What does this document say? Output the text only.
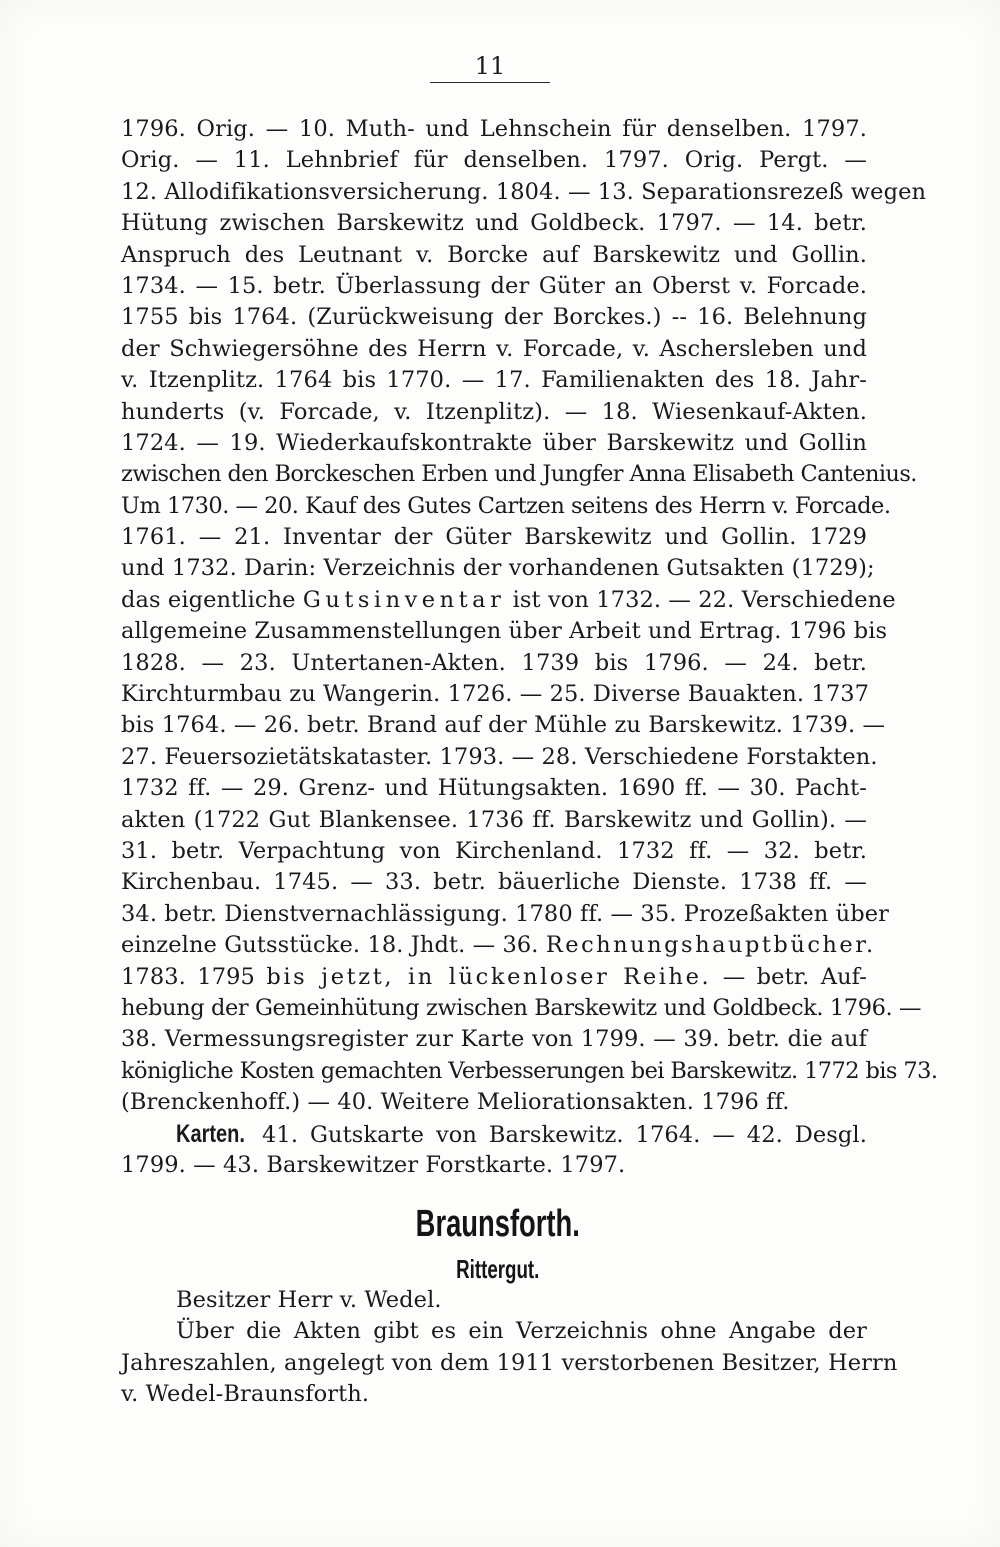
11
1796. Orig. — 10. Muth- und Lehnschein für denselben. 1797.
Orig. — 11. Lehnbrief für denselben. 1797. Orig. Pergt. —
12. Allodifikationsversicherung. 1804. — 13. Separationsrezeß wegen
Hütung zwischen Barskewitz und Goldbeck. 1797. — 14. betr.
Anspruch des Leutnant v. Borcke auf Barskewitz und Gollin.
1734. — 15. betr. Überlassung der Güter an Oberst v. Forcade.
1755 bis 1764. (Zurückweisung der Borckes.) -- 16. Belehnung
der Schwiegersöhne des Herrn v. Forcade, v. Aschersleben und
v. Itzenplitz. 1764 bis 1770. — 17. Familienakten des 18. Jahr-
hunderts (v. Forcade, v. Itzenplitz). — 18. Wiesenkauf-Akten.
1724. — 19. Wiederkaufskontrakte über Barskewitz und Gollin
zwischen den Borckeschen Erben und Jungfer Anna Elisabeth Cantenius.
Um 1730. — 20. Kauf des Gutes Cartzen seitens des Herrn v. Forcade.
1761. — 21. Inventar der Güter Barskewitz und Gollin. 1729
und 1732. Darin: Verzeichnis der vorhandenen Gutsakten (1729);
das eigentliche Gutsinventar ist von 1732. — 22. Verschiedene
allgemeine Zusammenstellungen über Arbeit und Ertrag. 1796 bis
1828. — 23. Untertanen-Akten. 1739 bis 1796. — 24. betr.
Kirchturmbau zu Wangerin. 1726. — 25. Diverse Bauakten. 1737
bis 1764. — 26. betr. Brand auf der Mühle zu Barskewitz. 1739. —
27. Feuersozietätskataster. 1793. — 28. Verschiedene Forstakten.
1732 ff. — 29. Grenz- und Hütungsakten. 1690 ff. — 30. Pacht-
akten (1722 Gut Blankensee. 1736 ff. Barskewitz und Gollin). —
31. betr. Verpachtung von Kirchenland. 1732 ff. — 32. betr.
Kirchenbau. 1745. — 33. betr. bäuerliche Dienste. 1738 ff. —
34. betr. Dienstvernachlässigung. 1780 ff. — 35. Prozeßakten über
einzelne Gutsstücke. 18. Jhdt. — 36. Rechnungshauptbücher.
1783. 1795 bis jetzt, in lückenloser Reihe. — betr. Auf-
hebung der Gemeinhütung zwischen Barskewitz und Goldbeck. 1796. —
38. Vermessungsregister zur Karte von 1799. — 39. betr. die auf
königliche Kosten gemachten Verbesserungen bei Barskewitz. 1772 bis 73.
(Brenckenhoff.) — 40. Weitere Meliorationsakten. 1796 ff.
Karten. 41. Gutskarte von Barskewitz. 1764. — 42. Desgl.
1799. — 43. Barskewitzer Forstkarte. 1797.
Braunsforth.
Rittergut.
Besitzer Herr v. Wedel.
Über die Akten gibt es ein Verzeichnis ohne Angabe der
Jahreszahlen, angelegt von dem 1911 verstorbenen Besitzer, Herrn
v. Wedel-Braunsforth.
